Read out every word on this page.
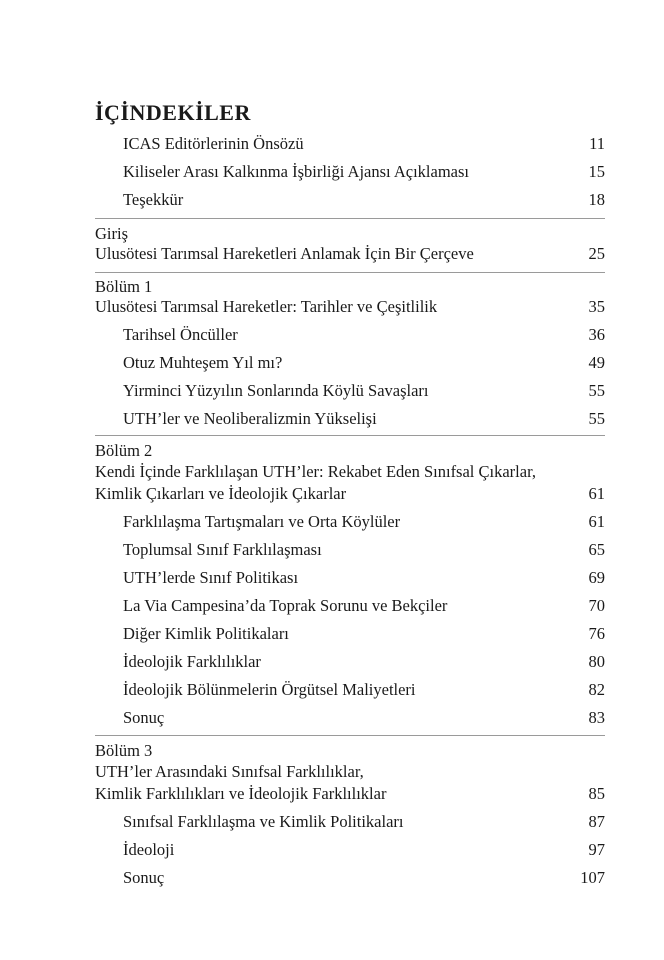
İÇİNDEKİLER
ICAS Editörlerinin Önsözü	11
Kiliseler Arası Kalkınma İşbirliği Ajansı Açıklaması	15
Teşekkür	18
Giriş
Ulusötesi Tarımsal Hareketleri Anlamak İçin Bir Çerçeve	25
Bölüm 1
Ulusötesi Tarımsal Hareketler: Tarihler ve Çeşitlilik	35
Tarihsel Öncüller	36
Otuz Muhteşem Yıl mı?	49
Yirminci Yüzyılın Sonlarında Köylü Savaşları	55
UTH’ler ve Neoliberalizmin Yükselişi	55
Bölüm 2
Kendi İçinde Farklılaşan UTH’ler: Rekabet Eden Sınıfsal Çıkarlar,
Kimlik Çıkarları ve İdeolojik Çıkarlar	61
Farklılaşma Tartışmaları ve Orta Köylüler	61
Toplumsal Sınıf Farklılaşması	65
UTH’lerde Sınıf Politikası	69
La Via Campesina’da Toprak Sorunu ve Bekçiler	70
Diğer Kimlik Politikaları	76
İdeolojik Farklılıklar	80
İdeolojik Bölünmelerin Örgütsel Maliyetleri	82
Sonuç	83
Bölüm 3
UTH’ler Arasındaki Sınıfsal Farklılıklar,
Kimlik Farklılıkları ve İdeolojik Farklılıklar	85
Sınıfsal Farklılaşma ve Kimlik Politikaları	87
İdeoloji	97
Sonuç	107
